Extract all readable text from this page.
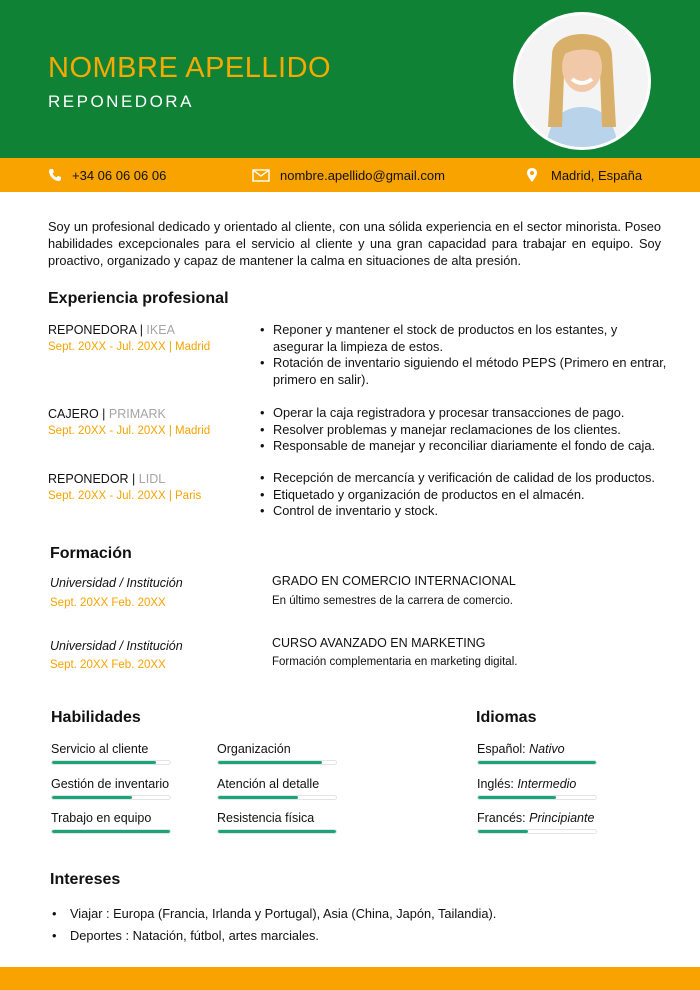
NOMBRE APELLIDO
REPONEDORA
+34 06 06 06 06	nombre.apellido@gmail.com	Madrid, España

Soy un profesional dedicado y orientado al cliente, con una sólida experiencia en el sector minorista. Poseo habilidades excepcionales para el servicio al cliente y una gran capacidad para trabajar en equipo. Soy proactivo, organizado y capaz de mantener la calma en situaciones de alta presión.

Experiencia profesional
REPONEDORA | IKEA
Sept. 20XX - Jul. 20XX | Madrid
• Reponer y mantener el stock de productos en los estantes, y asegurar la limpieza de estos.
• Rotación de inventario siguiendo el método PEPS (Primero en entrar, primero en salir).
CAJERO | PRIMARK
Sept. 20XX - Jul. 20XX | Madrid
• Operar la caja registradora y procesar transacciones de pago.
• Resolver problemas y manejar reclamaciones de los clientes.
• Responsable de manejar y reconciliar diariamente el fondo de caja.
REPONEDOR | LIDL
Sept. 20XX - Jul. 20XX | Paris
• Recepción de mercancía y verificación de calidad de los productos.
• Etiquetado y organización de productos en el almacén.
• Control de inventario y stock.
Formación
Universidad / Institución
Sept. 20XX Feb. 20XX
GRADO EN COMERCIO INTERNACIONAL
En último semestres de la carrera de comercio.
Universidad / Institución
Sept. 20XX Feb. 20XX
CURSO AVANZADO EN MARKETING
Formación complementaria en marketing digital.
Habilidades
Servicio al cliente	Organización
Gestión de inventario	Atención al detalle
Trabajo en equipo	Resistencia física
Idiomas
Español: Nativo
Inglés: Intermedio
Francés: Principiante
Intereses
• Viajar : Europa (Francia, Irlanda y Portugal), Asia (China, Japón, Tailandia).
• Deportes : Natación, fútbol, artes marciales.
